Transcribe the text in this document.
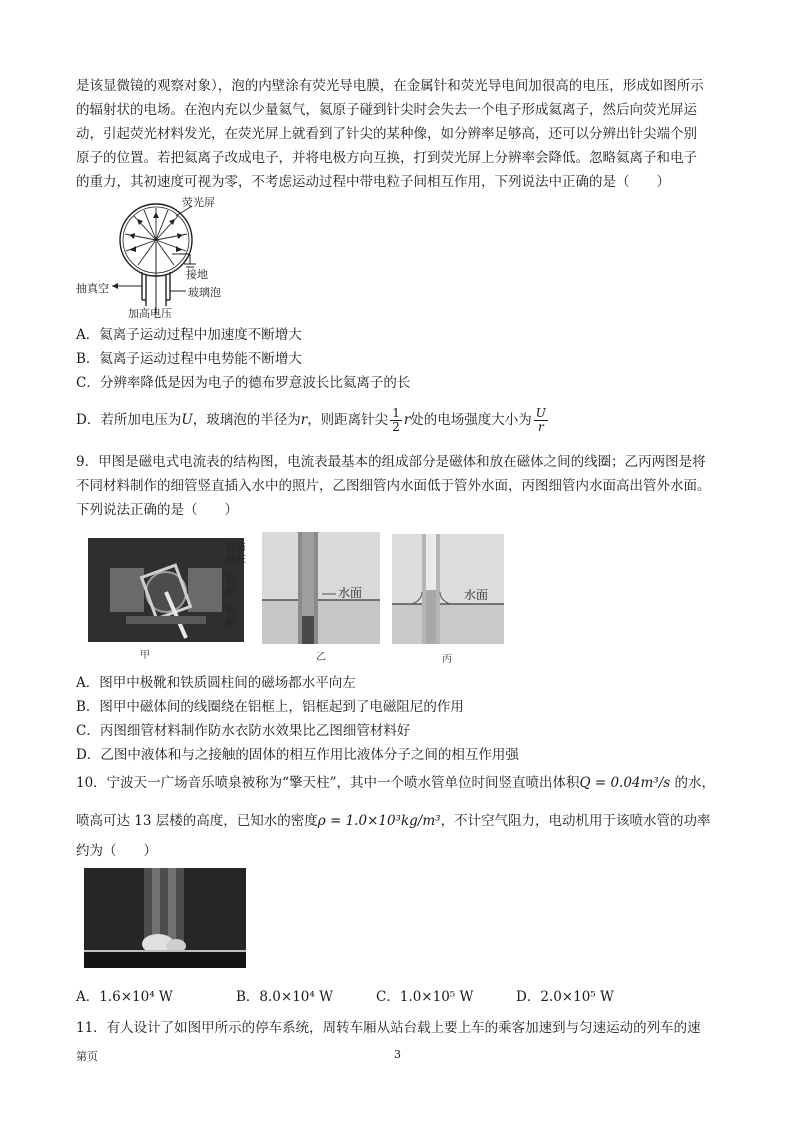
是该显微镜的观察对象），泡的内壁涂有荧光导电膜，在金属针和荧光导电间加很高的电压，形成如图所示
的辐射状的电场。在泡内充以少量氦气，氦原子碰到针尖时会失去一个电子形成氦离子，然后向荧光屏运
动，引起荧光材料发光，在荧光屏上就看到了针尖的某种像，如分辨率足够高，还可以分辨出针尖端个别
原子的位置。若把氦离子改成电子，并将电极方向互换，打到荧光屏上分辨率会降低。忽略氦离子和电子
的重力，其初速度可视为零，不考虑运动过程中带电粒子间相互作用，下列说法中正确的是（　　）
荧光屏
接地
抽真空	玻璃泡
加高电压
A．氦离子运动过程中加速度不断增大
B．氦离子运动过程中电势能不断增大
C．分辨率降低是因为电子的德布罗意波长比氦离子的长
D．若所加电压为U，玻璃泡的半径为r，则距离针尖 $\frac{1}{2}$ r处的电场强度大小为 $\frac{U}{r}$
9．甲图是磁电式电流表的结构图，电流表最基本的组成部分是磁体和放在磁体之间的线圈；乙丙两图是将
不同材料制作的细管竖直插入水中的照片，乙图细管内水面低于管外水面，丙图细管内水面高出管外水面。
下列说法正确的是（　　）
铁质
圆柱
铝
框
极
靴
甲
水面
乙
水面
丙
A．图甲中极靴和铁质圆柱间的磁场都水平向左
B．图甲中磁体间的线圈绕在铝框上，铝框起到了电磁阻尼的作用
C．丙图细管材料制作防水衣防水效果比乙图细管材料好
D．乙图中液体和与之接触的固体的相互作用比液体分子之间的相互作用强
10．宁波天一广场音乐喷泉被称为“擎天柱”，其中一个喷水管单位时间竖直喷出体积Q = 0.04m³/s 的水，
喷高可达 13 层楼的高度，已知水的密度ρ = 1.0×10³kg/m³，不计空气阻力，电动机用于该喷水管的功率
约为（　　）
A．1.6×10⁴ W	B．8.0×10⁴ W	C．1.0×10⁵ W	D．2.0×10⁵ W
11．有人设计了如图甲所示的停车系统，周转车厢从站台载上要上车的乘客加速到与匀速运动的列车的速
第页	3
